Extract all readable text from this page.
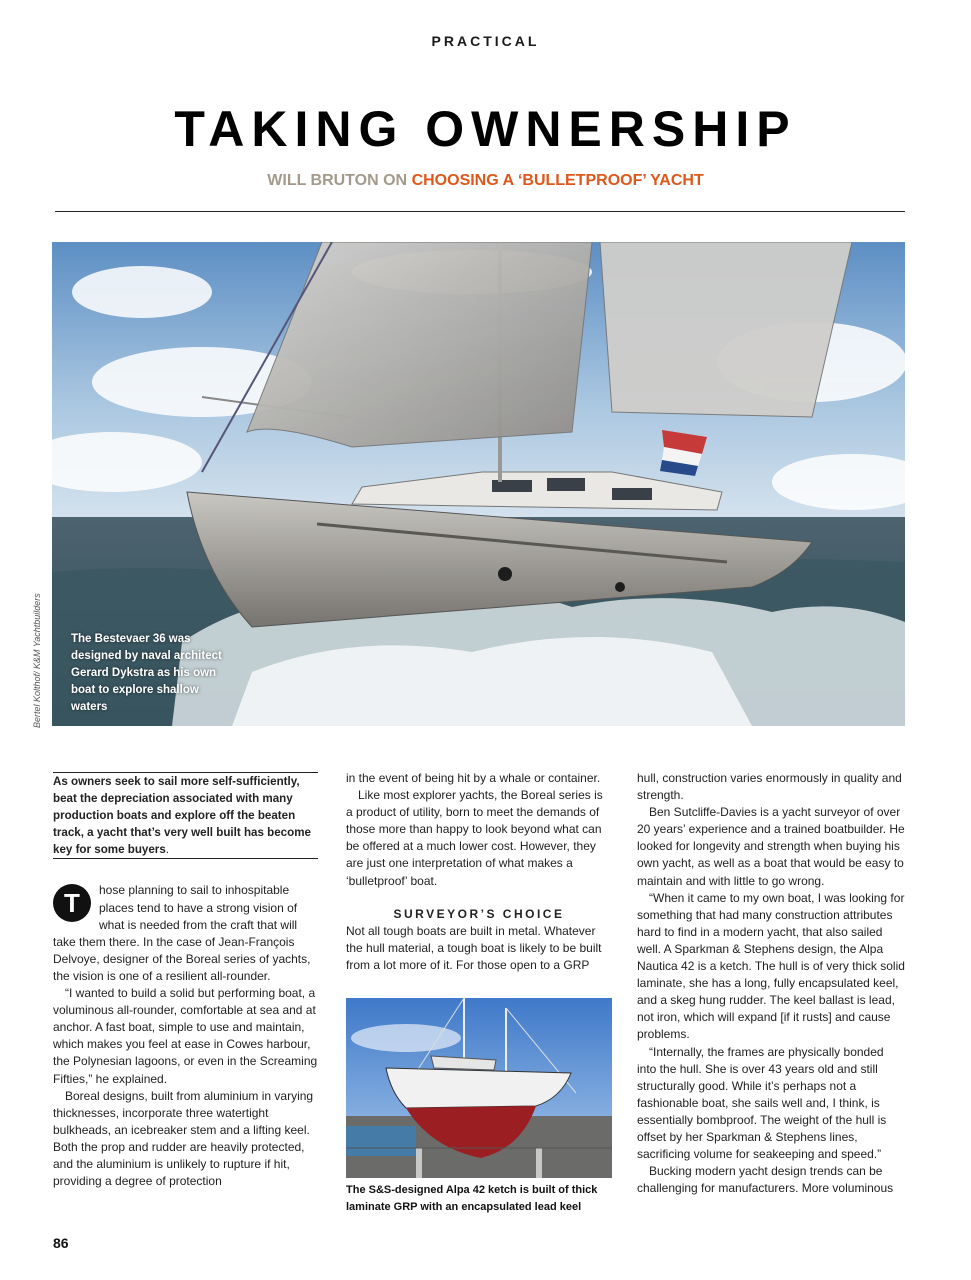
PRACTICAL
TAKING OWNERSHIP
WILL BRUTON ON CHOOSING A ‘BULLETPROOF’ YACHT
The Bestevaer 36 was designed by naval architect Gerard Dykstra as his own boat to explore shallow waters
Bertel Kolthof/ K&M Yachtbuilders

As owners seek to sail more self-sufficiently, beat the depreciation associated with many production boats and explore off the beaten track, a yacht that’s very well built has become key for some buyers.

T	hose planning to sail to inhospitable places tend to have a strong vision of what is needed from the craft that will take them there. In the case of Jean-François Delvoye, designer of the Boreal series of yachts, the vision is one of a resilient all-rounder.

“I wanted to build a solid but performing boat, a voluminous all-rounder, comfortable at sea and at anchor. A fast boat, simple to use and maintain, which makes you feel at ease in Cowes harbour, the Polynesian lagoons, or even in the Screaming Fifties,” he explained.

Boreal designs, built from aluminium in varying thicknesses, incorporate three watertight bulkheads, an icebreaker stem and a lifting keel. Both the prop and rudder are heavily protected, and the aluminium is unlikely to rupture if hit, providing a degree of protection

in the event of being hit by a whale or container.

Like most explorer yachts, the Boreal series is a product of utility, born to meet the demands of those more than happy to look beyond what can be offered at a much lower cost. However, they are just one interpretation of what makes a ‘bulletproof’ boat.

SURVEYOR’S CHOICE

Not all tough boats are built in metal. Whatever the hull material, a tough boat is likely to be built from a lot more of it. For those open to a GRP

The S&S-designed Alpa 42 ketch is built of thick laminate GRP with an encapsulated lead keel

hull, construction varies enormously in quality and strength.

Ben Sutcliffe-Davies is a yacht surveyor of over 20 years’ experience and a trained boatbuilder. He looked for longevity and strength when buying his own yacht, as well as a boat that would be easy to maintain and with little to go wrong.

“When it came to my own boat, I was looking for something that had many construction attributes hard to find in a modern yacht, that also sailed well. A Sparkman & Stephens design, the Alpa Nautica 42 is a ketch. The hull is of very thick solid laminate, she has a long, fully encapsulated keel, and a skeg hung rudder. The keel ballast is lead, not iron, which will expand [if it rusts] and cause problems.

“Internally, the frames are physically bonded into the hull. She is over 43 years old and still structurally good. While it’s perhaps not a fashionable boat, she sails well and, I think, is essentially bombproof. The weight of the hull is offset by her Sparkman & Stephens lines, sacrificing volume for seakeeping and speed.”

Bucking modern yacht design trends can be challenging for manufacturers. More voluminous

86
